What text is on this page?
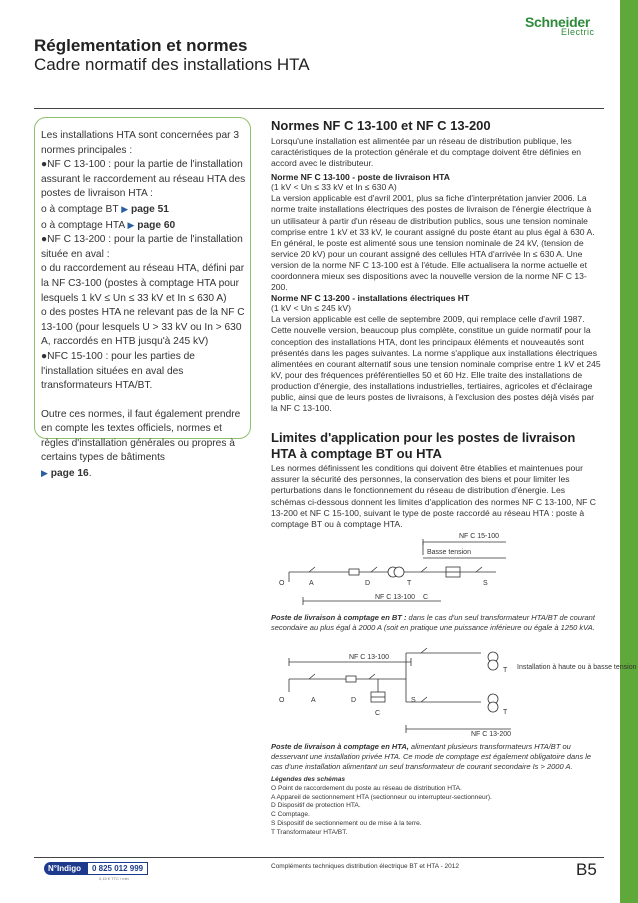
Schneider
Electric
Réglementation et normes
Cadre normatif des installations HTA

Les installations HTA sont concernées par 3 normes principales :

●NF C 13-100 : pour la partie de l'installation assurant le raccordement au réseau HTA des postes de livraison HTA :

o à comptage BT ▶ page 51

o à comptage HTA ▶ page 60

●NF C 13-200 : pour la partie de l'installation située en aval :

o du raccordement au réseau HTA, défini par la NF C3-100 (postes à comptage HTA pour lesquels 1 kV ≤ Un ≤ 33 kV et In ≤ 630 A)

o des postes HTA ne relevant pas de la NF C 13-100 (pour lesquels U > 33 kV ou In > 630 A, raccordés en HTB jusqu'à 245 kV)

●NFC 15-100 : pour les parties de l'installation situées en aval des transformateurs HTA/BT.

Outre ces normes, il faut également prendre en compte les textes officiels, normes et règles d'installation générales ou propres à certains types de bâtiments
▶ page 16.

Normes NF C 13-100 et NF C 13-200

Lorsqu'une installation est alimentée par un réseau de distribution publique, les caractéristiques de la protection générale et du comptage doivent être définies en accord avec le distributeur.

Norme NF C 13-100 - poste de livraison HTA

(1 kV < Un ≤ 33 kV et In ≤ 630 A)

La version applicable est d'avril 2001, plus sa fiche d'interprétation janvier 2006. La norme traite installations électriques des postes de livraison de l'énergie électrique à un utilisateur à partir d'un réseau de distribution publics, sous une tension nominale comprise entre 1 kV et 33 kV, le courant assigné du poste étant au plus égal à 630 A. En général, le poste est alimenté sous une tension nominale de 24 kV, (tension de service 20 kV) pour un courant assigné des cellules HTA d'arrivée In ≤ 630 A. Une version de la norme NF C 13-100 est à l'étude. Elle actualisera la norme actuelle et coordonnera mieux ses dispositions avec la nouvelle version de la norme NF C 13-200.

Norme NF C 13-200 - installations électriques HT

(1 kV < Un ≤ 245 kV)

La version applicable est celle de septembre 2009, qui remplace celle d'avril 1987. Cette nouvelle version, beaucoup plus complète, constitue un guide normatif pour la conception des installations HTA, dont les principaux éléments et nouveautés sont présentés dans les pages suivantes. La norme s'applique aux installations électriques alimentées en courant alternatif sous une tension nominale comprise entre 1 kV et 245 kV, pour des fréquences préférentielles 50 et 60 Hz. Elle traite des installations de production d'énergie, des installations industrielles, tertiaires, agricoles et d'éclairage public, ainsi que de leurs postes de livraisons, à l'exclusion des postes déjà visés par la NF C 13-100.

Limites d'application pour les postes de livraison HTA à comptage BT ou HTA

Les normes définissent les conditions qui doivent être établies et maintenues pour assurer la sécurité des personnes, la conservation des biens et pour limiter les perturbations dans le fonctionnement du réseau de distribution d'énergie. Les schémas ci-dessous donnent les limites d'application des normes NF C 13-100, NF C 13-200 et NF C 15-100, suivant le type de poste raccordé au réseau HTA : poste à comptage BT ou à comptage HTA.

NF C 15-100
Basse tension
O	A	D	T	S
C
NF C 13-100
Poste de livraison à comptage en BT : dans le cas d'un seul transformateur HTA/BT de courant secondaire au plus égal à 2000 A (soit en pratique une puissance inférieure ou égale à 1250 kVA.
NF C 13-100
O	A	D	S
C
T
T
Installation à haute ou à basse tension
NF C 13-200
Poste de livraison à comptage en HTA, alimentant plusieurs transformateurs HTA/BT ou desservant une installation privée HTA. Ce mode de comptage est également obligatoire dans le cas d'une installation alimentant un seul transformateur de courant secondaire Is > 2000 A.
Légendes des schémas
O Point de raccordement du poste au réseau de distribution HTA.
A Appareil de sectionnement HTA (sectionneur ou interrupteur-sectionneur).
D Dispositif de protection HTA.
C Comptage.
S Dispositif de sectionnement ou de mise à la terre.
T Transformateur HTA/BT.
N°Indigo	0 825 012 999
0,15 € TTC / min
Compléments techniques distribution électrique BT et HTA - 2012	B5
